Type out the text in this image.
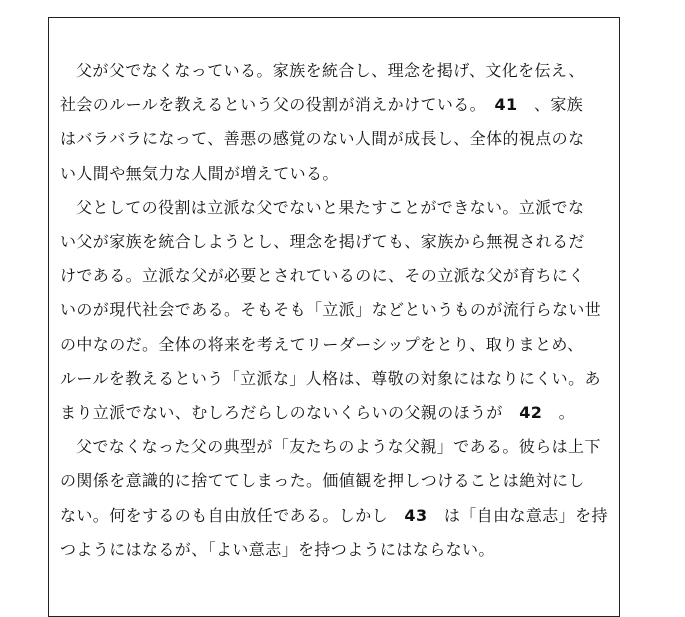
父が父でなくなっている。家族を統合し、理念を掲げ、文化を伝え、
社会のルールを教えるという父の役割が消えかけている。　41　、家族
はバラバラになって、善悪の感覚のない人間が成長し、全体的視点のな
い人間や無気力な人間が増えている。

父としての役割は立派な父でないと果たすことができない。立派でな
い父が家族を統合しようとし、理念を掲げても、家族から無視されるだ
けである。立派な父が必要とされているのに、その立派な父が育ちにく
いのが現代社会である。そもそも「立派」などというものが流行らない世
の中なのだ。全体の将来を考えてリーダーシップをとり、取りまとめ、
ルールを教えるという「立派な」人格は、尊敬の対象にはなりにくい。あ
まり立派でない、むしろだらしのないくらいの父親のほうが　42　。

父でなくなった父の典型が「友たちのような父親」である。彼らは上下
の関係を意識的に捨ててしまった。価値観を押しつけることは絶対にし
ない。何をするのも自由放任である。しかし　43　は「自由な意志」を持
つようにはなるが、「よい意志」を持つようにはならない。
